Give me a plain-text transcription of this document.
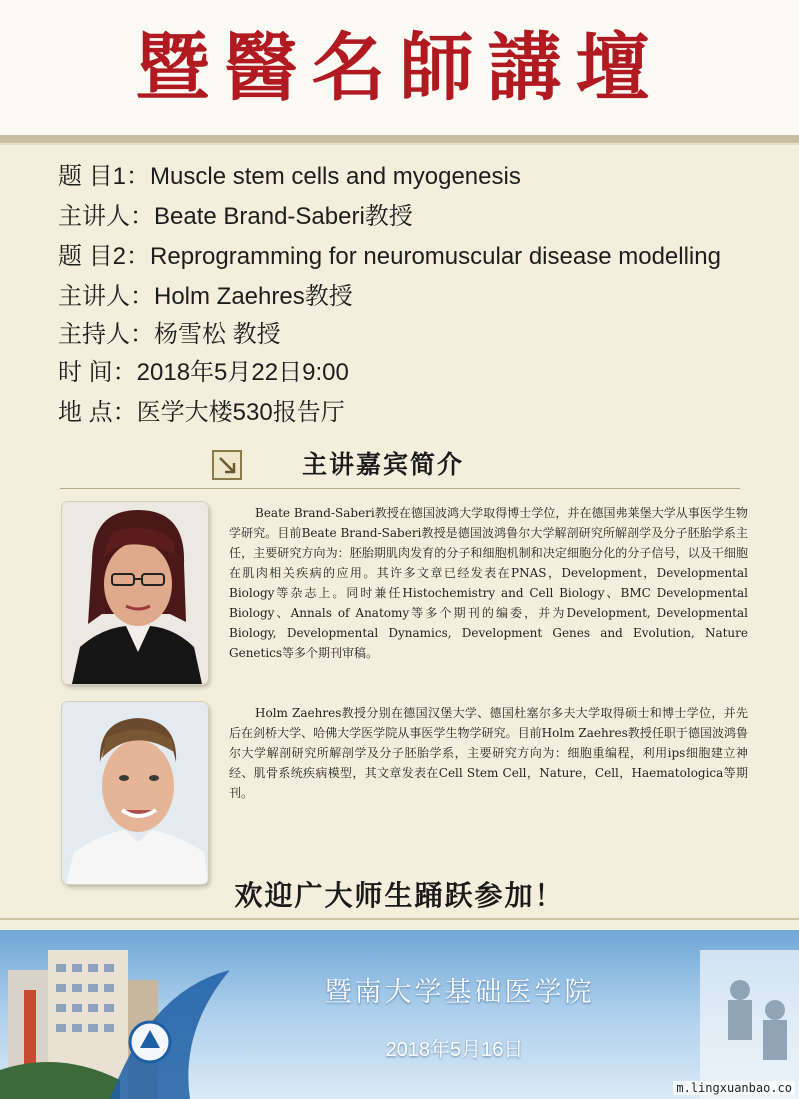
暨醫名師講壇
题 目1：Muscle stem cells and myogenesis
主讲人：Beate Brand-Saberi教授
题 目2：Reprogramming for neuromuscular disease modelling
主讲人：Holm Zaehres教授
主持人：杨雪松 教授
时 间：2018年5月22日9:00
地 点：医学大楼530报告厅
主讲嘉宾简介

Beate Brand-Saberi教授在德国波鸿大学取得博士学位，并在德国弗莱堡大学从事医学生物学研究。目前Beate Brand-Saberi教授是德国波鸿鲁尔大学解剖研究所解剖学及分子胚胎学系主任，主要研究方向为：胚胎期肌肉发育的分子和细胞机制和决定细胞分化的分子信号，以及干细胞在肌肉相关疾病的应用。其许多文章已经发表在PNAS，Development，Developmental Biology等杂志上。同时兼任Histochemistry and Cell Biology、BMC Developmental Biology、Annals of Anatomy等多个期刊的编委，并为Development, Developmental Biology, Developmental Dynamics, Development Genes and Evolution, Nature Genetics等多个期刊审稿。

Holm Zaehres教授分别在德国汉堡大学、德国杜塞尔多夫大学取得硕士和博士学位，并先后在剑桥大学、哈佛大学医学院从事医学生物学研究。目前Holm Zaehres教授任职于德国波鸿鲁尔大学解剖研究所解剖学及分子胚胎学系，主要研究方向为：细胞重编程，利用ips细胞建立神经、肌骨系统疾病模型，其文章发表在Cell Stem Cell，Nature，Cell，Haematologica等期刊。

欢迎广大师生踊跃参加！
暨南大学基础医学院
2018年5月16日
m.lingxuanbao.co
